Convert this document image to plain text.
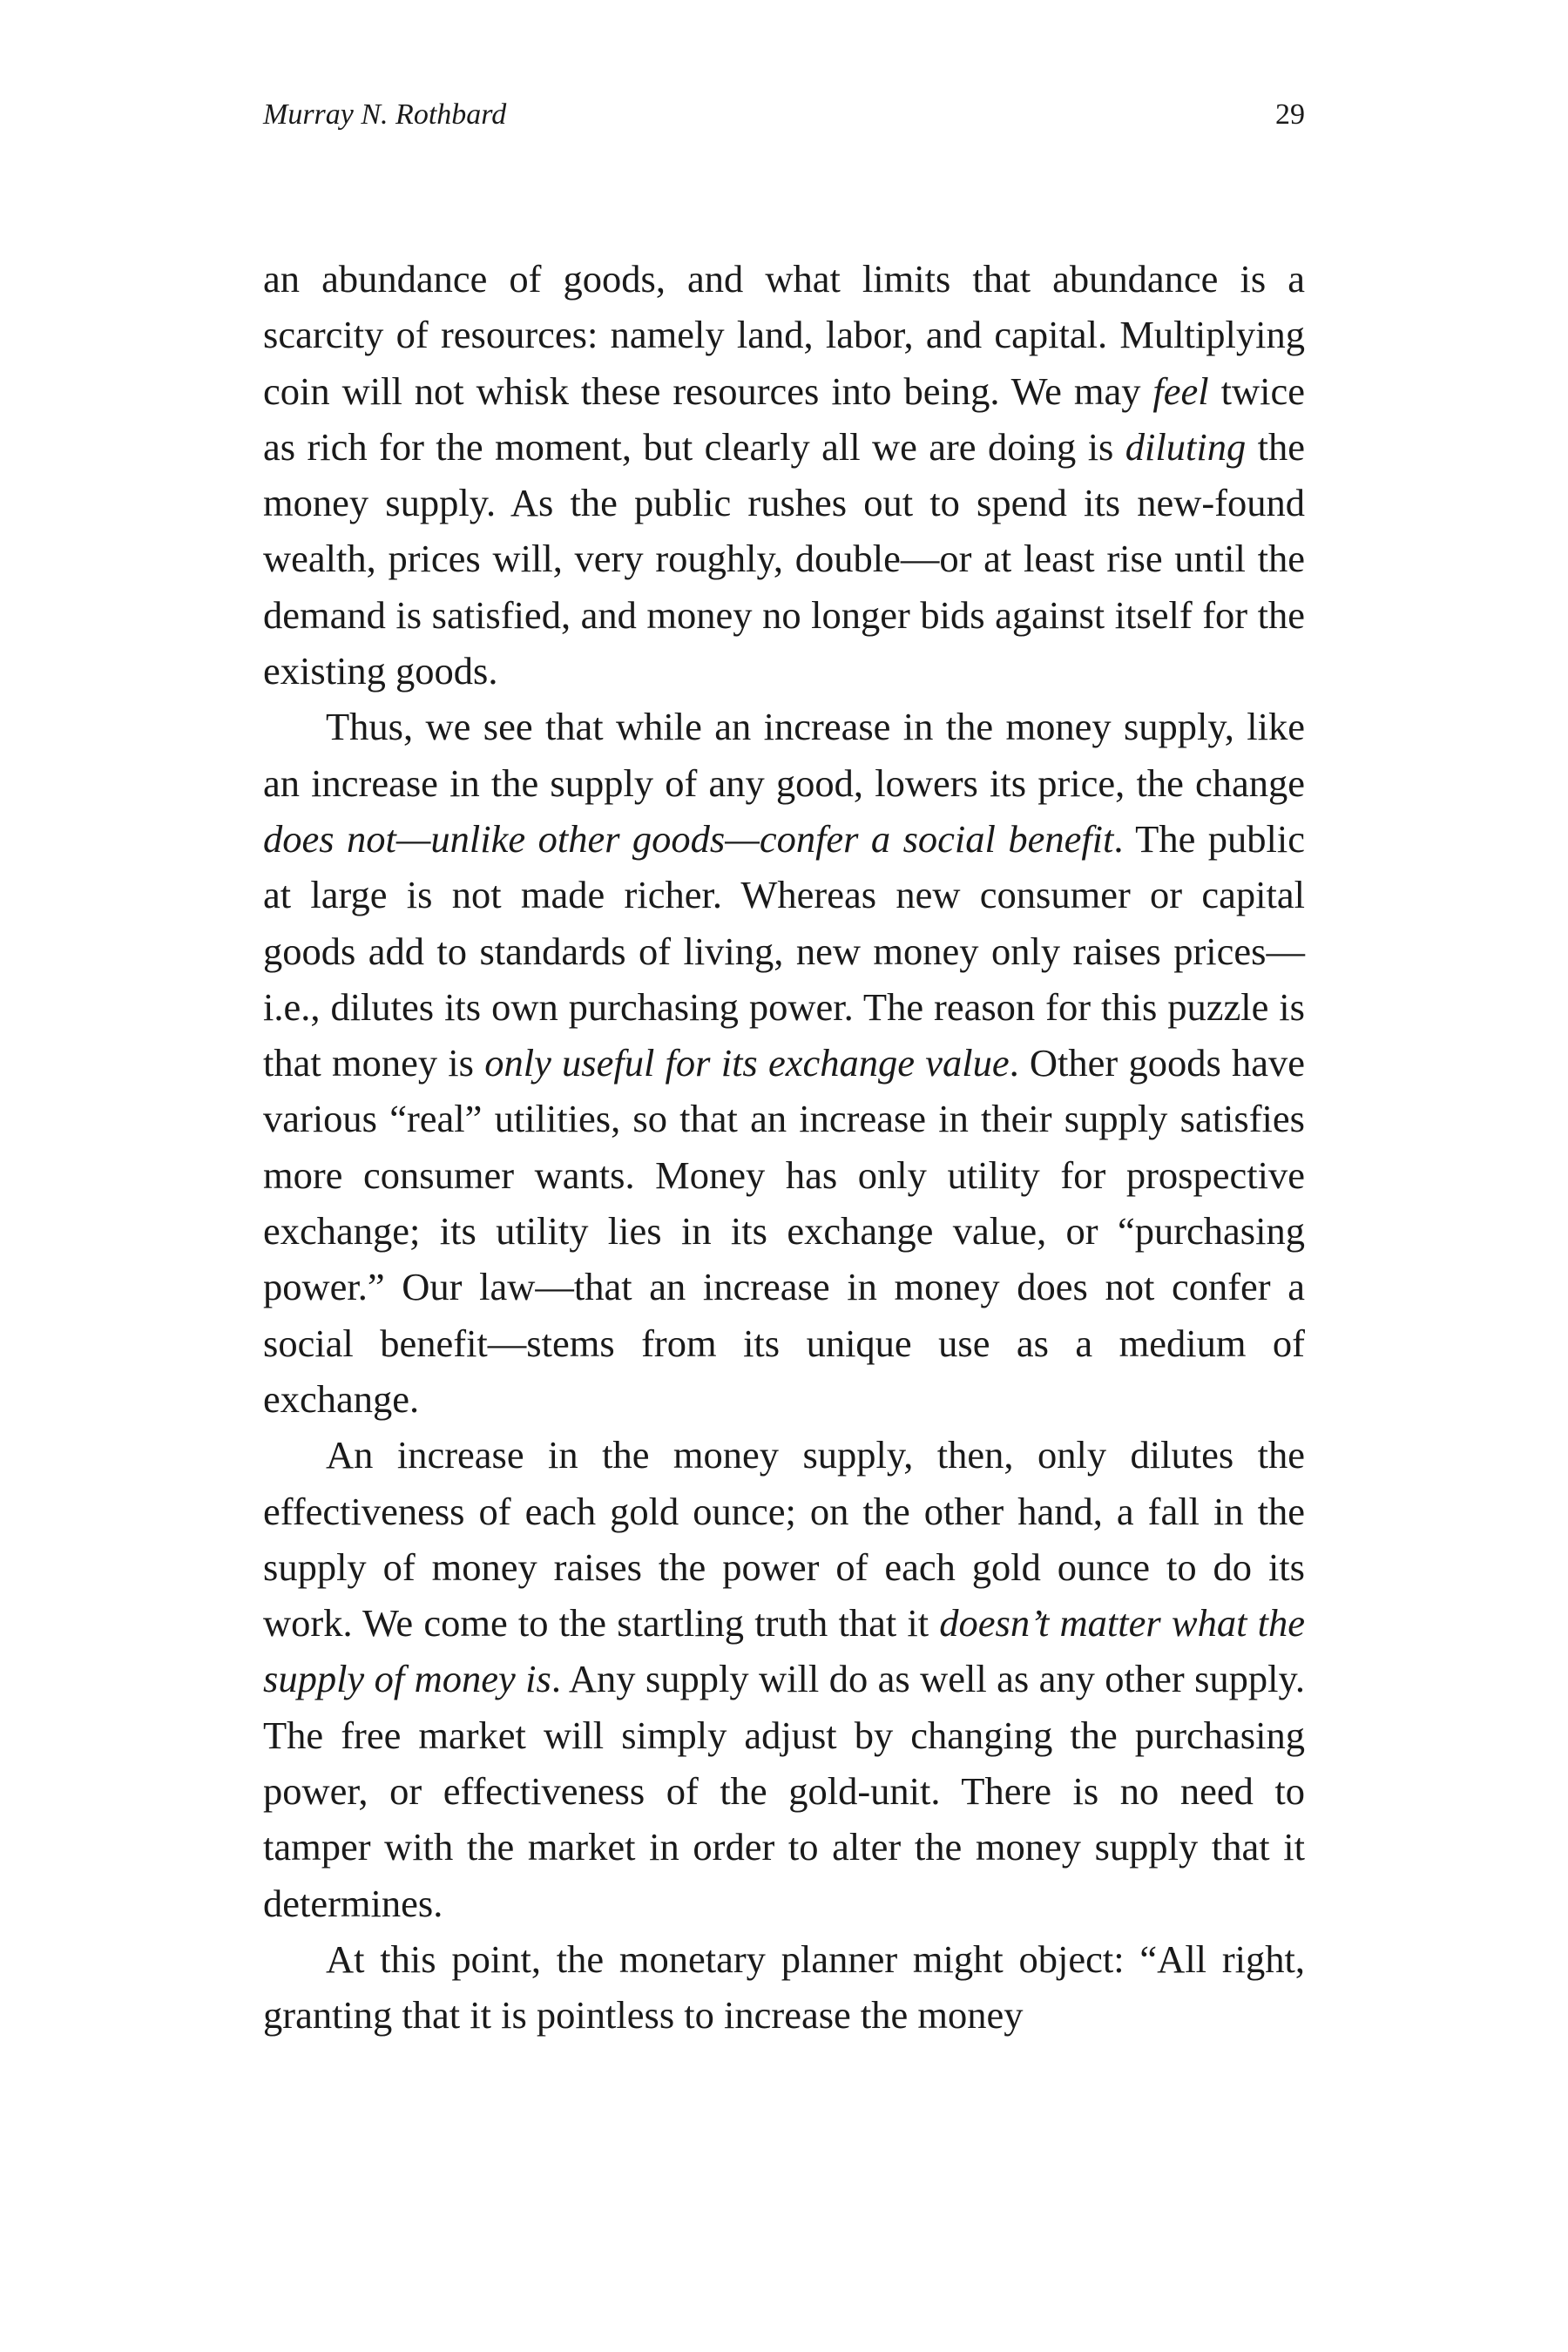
Murray N. Rothbard	29

an abundance of goods, and what limits that abundance is a scarcity of resources: namely land, labor, and capital. Multiplying coin will not whisk these resources into being. We may feel twice as rich for the moment, but clearly all we are doing is diluting the money supply. As the public rushes out to spend its new-found wealth, prices will, very roughly, double—or at least rise until the demand is satisfied, and money no longer bids against itself for the existing goods.

Thus, we see that while an increase in the money supply, like an increase in the supply of any good, lowers its price, the change does not—unlike other goods—confer a social benefit. The public at large is not made richer. Whereas new consumer or capital goods add to standards of living, new money only raises prices—i.e., dilutes its own purchasing power. The reason for this puzzle is that money is only useful for its exchange value. Other goods have various “real” utilities, so that an increase in their supply satisfies more consumer wants. Money has only utility for prospective exchange; its utility lies in its exchange value, or “purchasing power.” Our law—that an increase in money does not confer a social benefit—stems from its unique use as a medium of exchange.

An increase in the money supply, then, only dilutes the effectiveness of each gold ounce; on the other hand, a fall in the supply of money raises the power of each gold ounce to do its work. We come to the startling truth that it doesn’t matter what the supply of money is. Any supply will do as well as any other supply. The free market will simply adjust by changing the purchasing power, or effectiveness of the gold-unit. There is no need to tamper with the market in order to alter the money supply that it determines.

At this point, the monetary planner might object: “All right, granting that it is pointless to increase the money
